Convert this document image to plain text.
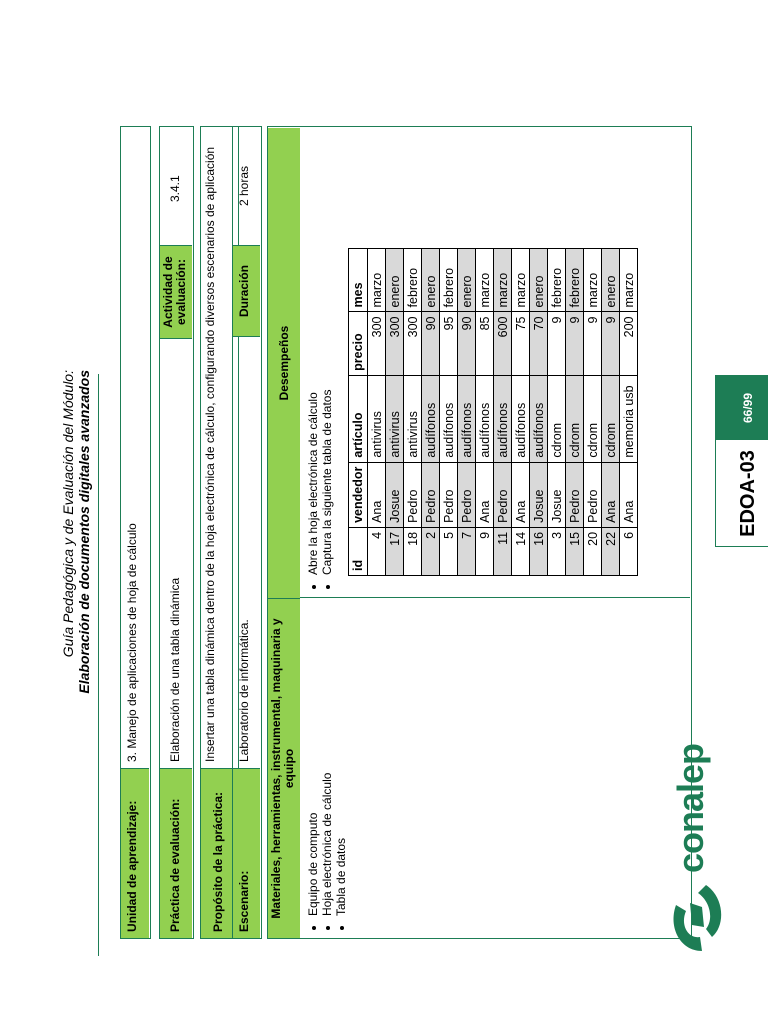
conalep
Guía Pedagógica y de Evaluación del Módulo: Elaboración de documentos digitales avanzados
Unidad de aprendizaje:
3. Manejo de aplicaciones de hoja de cálculo
Práctica de evaluación:
Elaboración de una tabla dinámica
Actividad de evaluación:
3.4.1
Propósito de la práctica:
Insertar una tabla dinámica dentro de la hoja electrónica de cálculo, configurando diversos escenarios de aplicación
Escenario:
Laboratorio de informática.
Duración
2 horas
Materiales, herramientas, instrumental, maquinaria y equipo
Desempeños
• Equipo de computo • Hoja electrónica de cálculo • Tabla de datos
• Abre la hoja electrónica de cálculo • Captura la siguiente tabla de datos id	vendedor	artículo	precio	mes
4	Ana	antivirus	300	marzo
17	Josue	antivirus	300	enero
18	Pedro	antivirus	300	febrero
2	Pedro	audífonos	90	enero
5	Pedro	audífonos	95	febrero
7	Pedro	audífonos	90	enero
9	Ana	audífonos	85	marzo
11	Pedro	audífonos	600	marzo
14	Ana	audífonos	75	marzo
16	Josue	audífonos	70	enero
3	Josue	cdrom	9	febrero
15	Pedro	cdrom	9	febrero
20	Pedro	cdrom	9	marzo
22	Ana	cdrom	9	enero
6	Ana	memoria usb	200	marzo
EDOA-03
66/99
